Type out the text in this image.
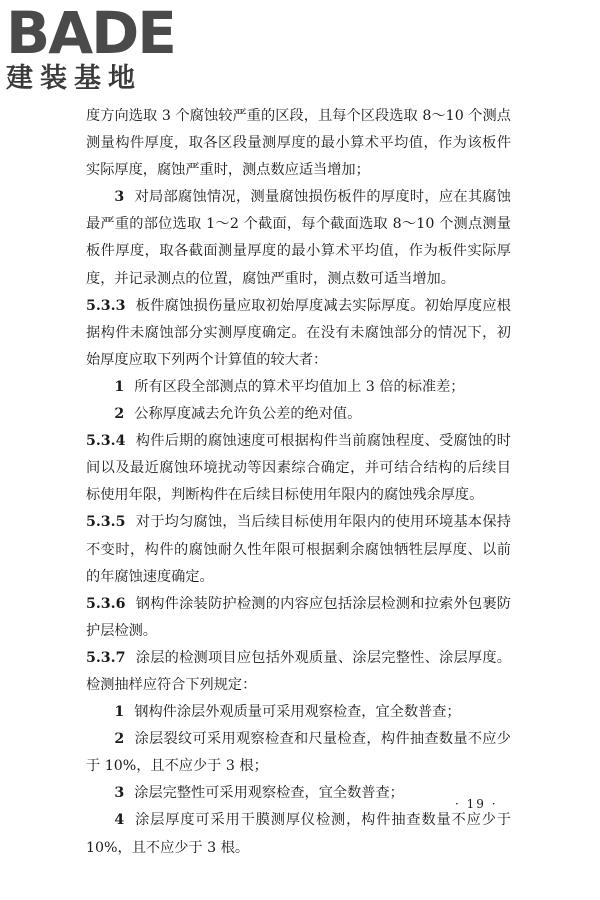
BADE
建装基地

度方向选取 3 个腐蚀较严重的区段，且每个区段选取 8～10 个测点测量构件厚度，取各区段量测厚度的最小算术平均值，作为该板件实际厚度，腐蚀严重时，测点数应适当增加；

3 对局部腐蚀情况，测量腐蚀损伤板件的厚度时，应在其腐蚀最严重的部位选取 1～2 个截面，每个截面选取 8～10 个测点测量板件厚度，取各截面测量厚度的最小算术平均值，作为板件实际厚度，并记录测点的位置，腐蚀严重时，测点数可适当增加。

5.3.3 板件腐蚀损伤量应取初始厚度减去实际厚度。初始厚度应根据构件未腐蚀部分实测厚度确定。在没有未腐蚀部分的情况下，初始厚度应取下列两个计算值的较大者：

1 所有区段全部测点的算术平均值加上 3 倍的标准差；

2 公称厚度减去允许负公差的绝对值。

5.3.4 构件后期的腐蚀速度可根据构件当前腐蚀程度、受腐蚀的时间以及最近腐蚀环境扰动等因素综合确定，并可结合结构的后续目标使用年限，判断构件在后续目标使用年限内的腐蚀残余厚度。

5.3.5 对于均匀腐蚀，当后续目标使用年限内的使用环境基本保持不变时，构件的腐蚀耐久性年限可根据剩余腐蚀牺牲层厚度、以前的年腐蚀速度确定。

5.3.6 钢构件涂装防护检测的内容应包括涂层检测和拉索外包裹防护层检测。

5.3.7 涂层的检测项目应包括外观质量、涂层完整性、涂层厚度。检测抽样应符合下列规定：

1 钢构件涂层外观质量可采用观察检查，宜全数普查；

2 涂层裂纹可采用观察检查和尺量检查，构件抽查数量不应少于 10%，且不应少于 3 根；

3 涂层完整性可采用观察检查，宜全数普查；

4 涂层厚度可采用干膜测厚仪检测，构件抽查数量不应少于 10%，且不应少于 3 根。

· 19 ·
